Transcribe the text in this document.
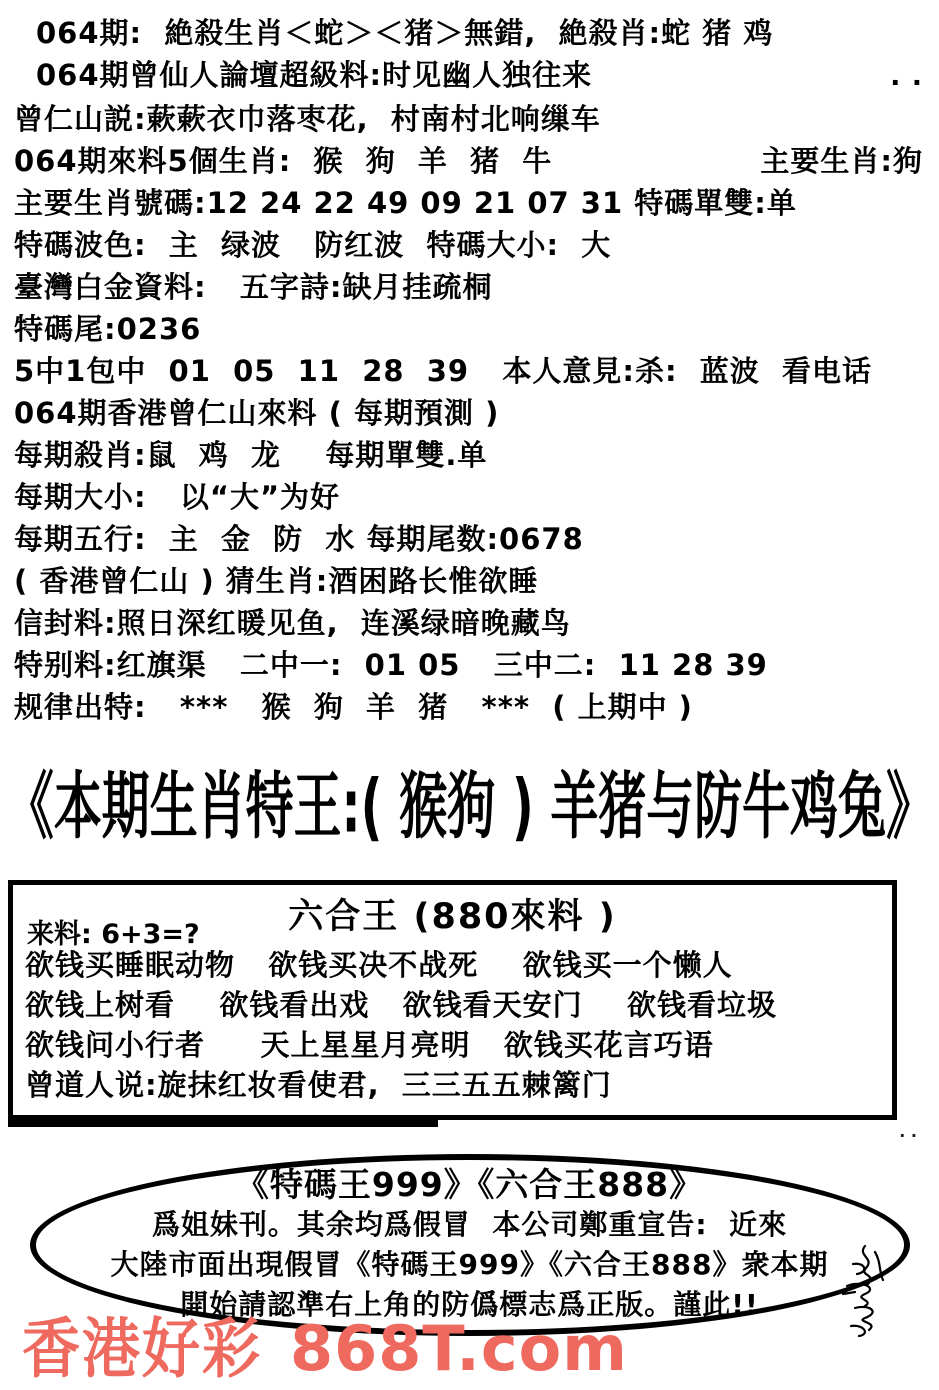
064期:  絶殺生肖＜蛇＞＜猪＞無錯,  絶殺肖:蛇 猪 鸡
064期曾仙人論壇超級料:时见幽人独往来	. .
曾仁山説:蔌蔌衣巾落枣花,  村南村北响缫车
064期來料5個生肖:  猴  狗  羊  猪  牛	主要生肖:狗
主要生肖號碼:12 24 22 49 09 21 07 31 特碼單雙:单
特碼波色:  主  绿波   防红波  特碼大小:  大
臺灣白金資料:   五字詩:缺月挂疏桐
特碼尾:0236
5中1包中  01  05  11  28  39   本人意見:杀:  蓝波  看电话
064期香港曾仁山來料 ( 每期預測 )
每期殺肖:鼠  鸡  龙    每期單雙.单
每期大小:   以“大”为好
每期五行:  主  金  防  水 每期尾数:0678
( 香港曾仁山 ) 猜生肖:酒困路长惟欲睡
信封料:照日深红暖见鱼,  连溪绿暗晚藏鸟
特别料:红旗渠   二中一:  01 05   三中二:  11 28 39
规律出特:   ***   猴  狗  羊  猪   ***  ( 上期中 )
《本期生肖特王:( 猴狗 ) 羊猪与防牛鸡兔》
六合王 (880來料 )
来料: 6+3=?
欲钱买睡眠动物   欲钱买决不战死    欲钱买一个懒人
欲钱上树看    欲钱看出戏   欲钱看天安门    欲钱看垃圾
欲钱问小行者     天上星星月亮明   欲钱买花言巧语
曾道人说:旋抹红妆看使君,  三三五五棘篱门
. .
《特碼王999》《六合王888》
爲姐妹刊。其余均爲假冒  本公司鄭重宣告:  近來
大陸市面出現假冒《特碼王999》《六合王888》衆本期
開始請認準右上角的防僞標志爲正版。謹此!!
香港好彩 868T.com
